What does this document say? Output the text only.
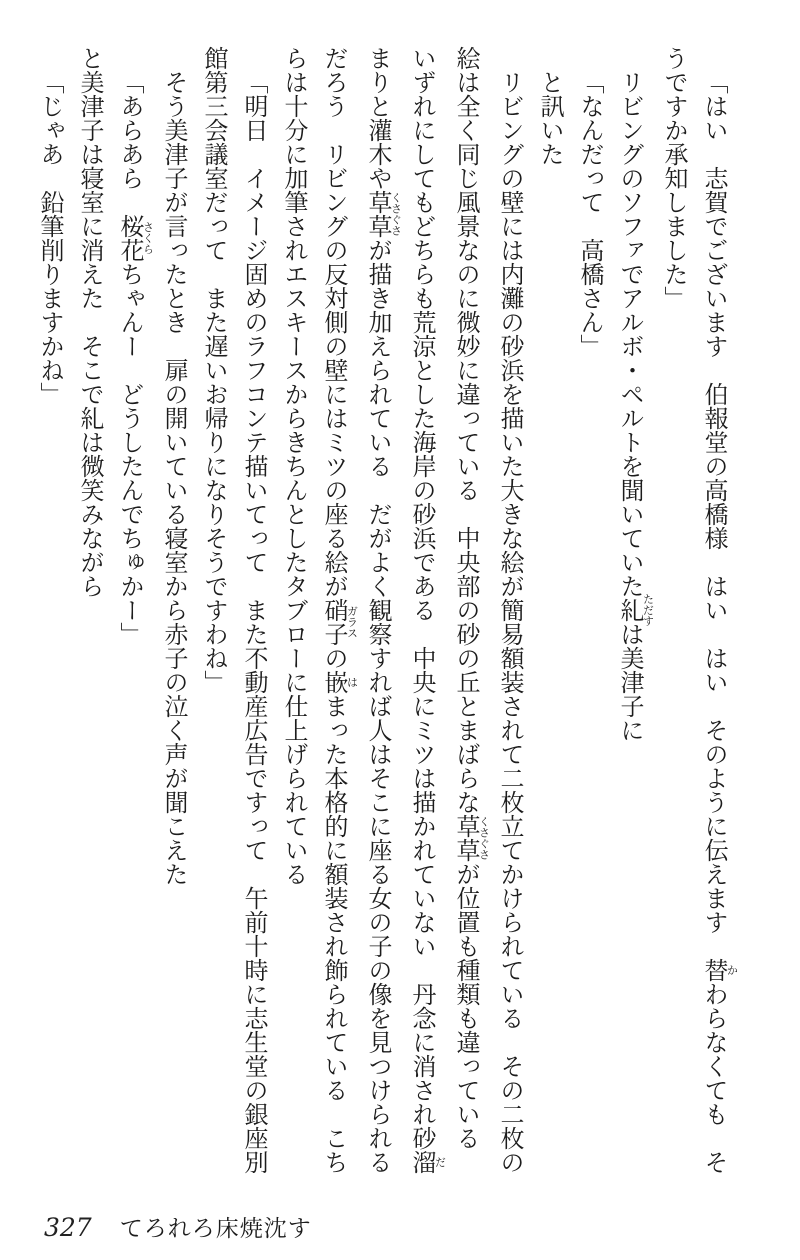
「はい　志賀でございます　伯報堂の高橋様　はい　はい　そのように伝えます　替かわらなくても　そ
うですか承知しました」
リビングのソファでアルボ・ペルトを聞いていた糺ただすは美津子に
「なんだって　高橋さん」
と訊いた
リビングの壁には内灘の砂浜を描いた大きな絵が簡易額装されて二枚立てかけられている　その二枚の
絵は全く同じ風景なのに微妙に違っている　中央部の砂の丘とまばらな草草くさぐさが位置も種類も違っている
いずれにしてもどちらも荒涼とした海岸の砂浜である　中央にミツは描かれていない　丹念に消され砂溜だ
まりと灌木や草草くさぐさが描き加えられている　だがよく観察すれば人はそこに座る女の子の像を見つけられる
だろう　リビングの反対側の壁にはミツの座る絵が硝子ガラスの嵌はまった本格的に額装され飾られている　こち
らは十分に加筆されエスキースからきちんとしたタブローに仕上げられている
「明日　イメージ固めのラフコンテ描いてって　また不動産広告ですって　午前十時に志生堂の銀座別
館第三会議室だって　また遅いお帰りになりそうですわね」
そう美津子が言ったとき　扉の開いている寝室から赤子の泣く声が聞こえた
「あらあら　桜花さくらちゃんー　どうしたんでちゅかー」
と美津子は寝室に消えた　そこで糺は微笑みながら
「じゃあ　鉛筆削りますかね」
327 てろれろ床焼沈す
